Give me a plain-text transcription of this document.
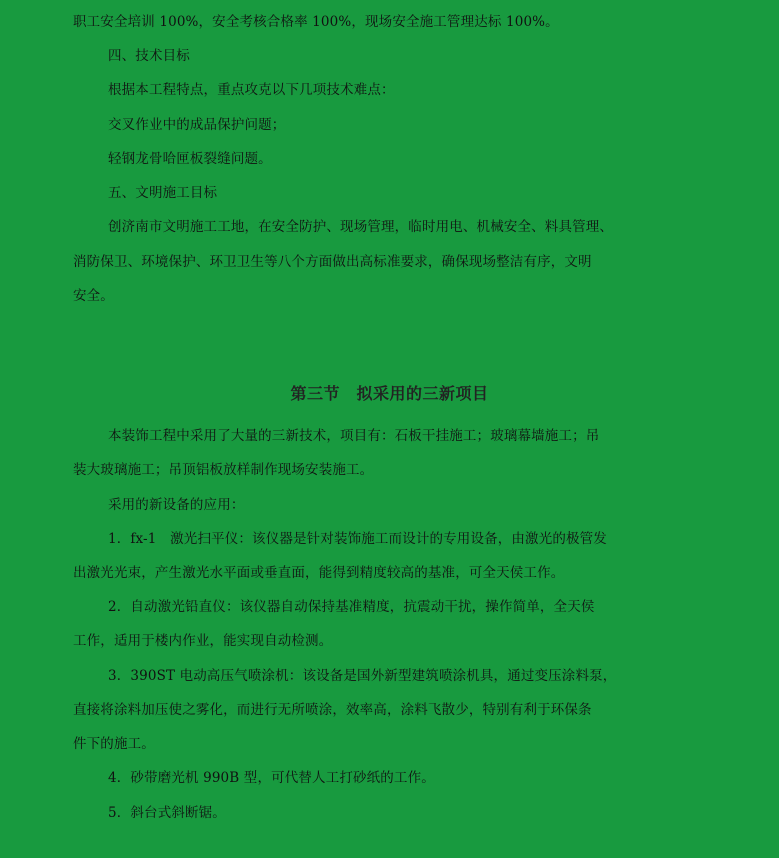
职工安全培训 100%，安全考核合格率 100%，现场安全施工管理达标 100%。

四、技术目标

根据本工程特点，重点攻克以下几项技术难点：

交叉作业中的成品保护问题；

轻钢龙骨哈匣板裂缝问题。

五、文明施工目标

创济南市文明施工工地，在安全防护、现场管理，临时用电、机械安全、料具管理、

消防保卫、环境保护、环卫卫生等八个方面做出高标准要求，确保现场整洁有序，文明

安全。

第三节　拟采用的三新项目

本装饰工程中采用了大量的三新技术，项目有：石板干挂施工；玻璃幕墙施工；吊

装大玻璃施工；吊顶铝板放样制作现场安装施工。

采用的新设备的应用：

1．fx-1　激光扫平仪：该仪器是针对装饰施工而设计的专用设备，由激光的极管发

出激光光束，产生激光水平面或垂直面，能得到精度较高的基准，可全天侯工作。

2．自动激光铅直仪：该仪器自动保持基准精度，抗震动干扰，操作简单，全天侯

工作，适用于楼内作业，能实现自动检测。

3．390ST 电动高压气喷涂机：该设备是国外新型建筑喷涂机具，通过变压涂料泵，

直接将涂料加压使之雾化，而进行无所喷涂，效率高，涂料飞散少，特别有利于环保条

件下的施工。

4．砂带磨光机 990B 型，可代替人工打砂纸的工作。

5．斜台式斜断锯。
